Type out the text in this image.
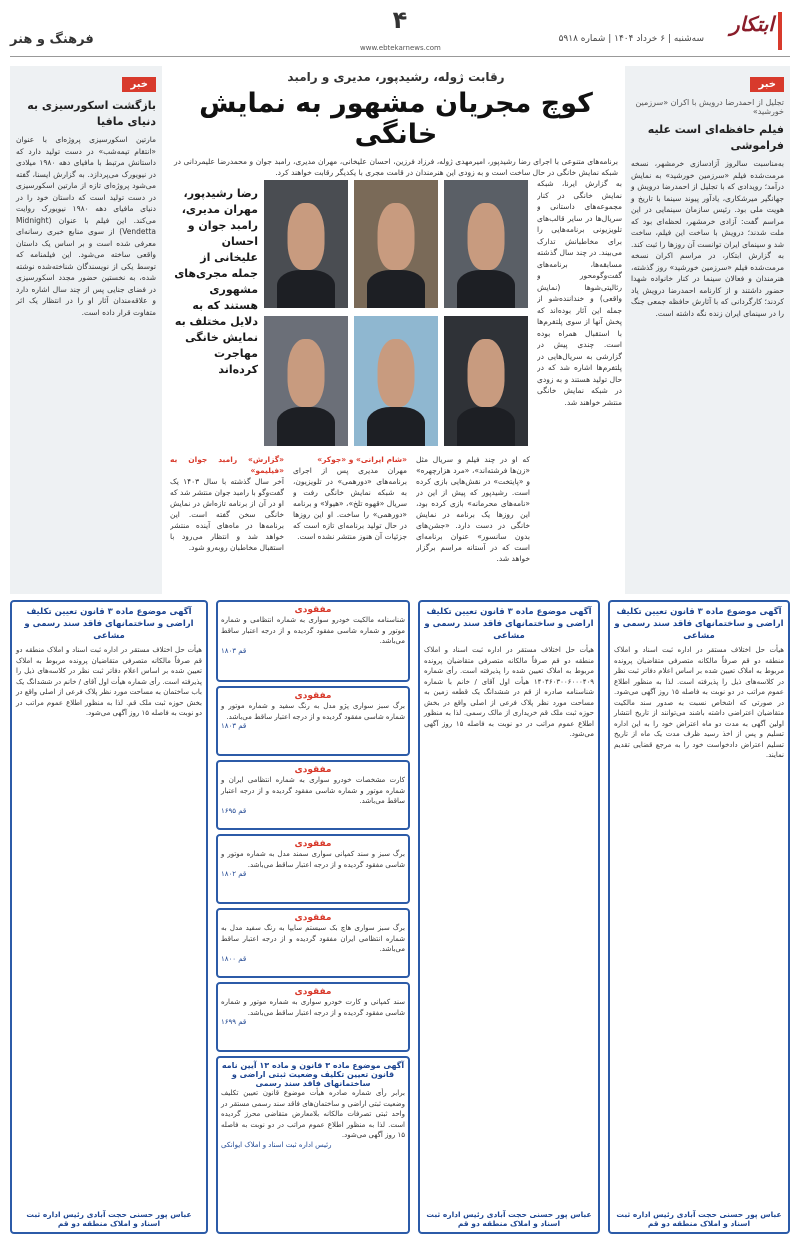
ابتکار
سه‌شنبه | ۶ خرداد ۱۴۰۴ | شماره ۵۹۱۸
۴
www.ebtekarnews.com
فرهنگ و هنر
خبر
تجلیل از احمدرضا درویش با اکران «سرزمین خورشید»
فیلم حافظه‌ای است علیه فراموشی
به‌مناسبت سالروز آزادسازی خرمشهر، نسخه مرمت‌شده فیلم «سرزمین خورشید» به نمایش درآمد؛ رویدادی که با تجلیل از احمدرضا درویش و جهانگیر میرشکاری، یادآور پیوند سینما با تاریخ و هویت ملی بود. رئیس سازمان سینمایی در این مراسم گفت: آزادی خرمشهر، لحظه‌ای بود که ملت شدند؛ درویش با ساخت این فیلم، ساخت شد و سینمای ایران توانست آن روزها را ثبت کند. به گزارش ابتکار، در مراسم اکران نسخه مرمت‌شده فیلم «سرزمین خورشید» روز گذشته، هنرمندان و فعالان سینما در کنار خانواده شهدا حضور داشتند و از کارنامه احمدرضا درویش یاد کردند؛ کارگردانی که با آثارش حافظه جمعی جنگ را در سینمای ایران زنده نگه داشته است.
رقابت ژوله، رشیدپور، مدیری و رامبد
کوچ مجریان مشهور به نمایش خانگی
برنامه‌های متنوعی با اجرای رضا رشیدپور، امیرمهدی ژوله، فرزاد فرزین، احسان علیخانی، مهران مدیری، رامبد جوان و محمدرضا علیمردانی در شبکه نمایش خانگی در حال ساخت است و به زودی این هنرمندان در قامت مجری با یکدیگر رقابت خواهند کرد.
به گزارش ایرنا، شبکه نمایش خانگی در کنار مجموعه‌های داستانی و سریال‌ها در سایر قالب‌های تلویزیونی برنامه‌هایی را برای مخاطبانش تدارک می‌بیند. در چند سال گذشته مسابقه‌ها، برنامه‌های گفت‌وگومحور و رئالیتی‌شوها (نمایش واقعی) و خنداننده‌شو از جمله این آثار بوده‌اند که پخش آنها از سوی پلتفرم‌ها با استقبال همراه بوده است. چندی پیش در گزارشی به سریال‌هایی در پلتفرم‌ها اشاره شد که در حال تولید هستند و به زودی در شبکه نمایش خانگی منتشر خواهند شد.
رضا رشیدپور، مهران مدیری، رامبد جوان و احسان علیخانی از جمله مجری‌های مشهوری هستند که به دلایل مختلف به نمایش خانگی مهاجرت کرده‌اند
که او در چند فیلم و سریال مثل «زن‌ها فرشته‌اند»، «مرد هزارچهره» و «پایتخت» در نقش‌هایی بازی کرده است. رشیدپور که پیش از این در «نامه‌های محرمانه» بازی کرده بود، این روزها یک برنامه در نمایش خانگی در دست دارد. «جشن‌های بدون سانسور» عنوان برنامه‌ای است که در آستانه مراسم برگزار خواهد شد.
«شام ایرانی» و «جوکر»
مهران مدیری پس از اجرای برنامه‌های «دورهمی» در تلویزیون، به شبکه نمایش خانگی رفت و سریال «قهوه تلخ»، «هیولا» و برنامه «دورهمی» را ساخت. او این روزها در حال تولید برنامه‌ای تازه است که جزئیات آن هنوز منتشر نشده است.
«گزارش» رامبد جوان به «فیلیمو»
آخر سال گذشته با سال ۱۴۰۳ یک گفت‌وگو با رامبد جوان منتشر شد که او در آن از برنامه تازه‌اش در نمایش خانگی سخن گفته است. این برنامه‌ها در ماه‌های آینده منتشر خواهد شد و انتظار می‌رود با استقبال مخاطبان روبه‌رو شود.
خبر
بازگشت اسکورسیزی به دنیای مافیا
مارتین اسکورسیزی پروژه‌ای با عنوان «انتقام تیمه‌شب» در دست تولید دارد که داستانش مرتبط با مافیای دهه ۱۹۸۰ میلادی در نیویورک می‌پردازد. به گزارش ایسنا، گفته می‌شود پروژه‌ای تازه از مارتین اسکورسیزی در دست تولید است که داستان خود را در دنیای مافیای دهه ۱۹۸۰ نیویورک روایت می‌کند. این فیلم با عنوان (Midnight Vendetta) از سوی منابع خبری رسانه‌ای معرفی شده است و بر اساس یک داستان واقعی ساخته می‌شود. این فیلمنامه که توسط یکی از نویسندگان شناخته‌شده نوشته شده، به نخستین حضور مجدد اسکورسیزی در فضای جنایی پس از چند سال اشاره دارد و علاقه‌مندان آثار او را در انتظار یک اثر متفاوت قرار داده است.
آگهی موضوع ماده ۳ قانون تعیین تکلیف اراضی و ساختمانهای فاقد سند رسمی و مشاعی
هیأت حل اختلاف مستقر در اداره ثبت اسناد و املاک منطقه دو قم صرفاً مالکانه متصرفی متقاضیان پرونده مربوط به املاک تعیین شده بر اساس اعلام دفاتر ثبت نظر در کلاسه‌های ذیل را پذیرفته است. لذا به منظور اطلاع عموم مراتب در دو نوبت به فاصله ۱۵ روز آگهی می‌شود. در صورتی که اشخاص نسبت به صدور سند مالکیت متقاضیان اعتراضی داشته باشند می‌توانند از تاریخ انتشار اولین آگهی به مدت دو ماه اعتراض خود را به این اداره تسلیم و پس از اخذ رسید ظرف مدت یک ماه از تاریخ تسلیم اعتراض دادخواست خود را به مرجع قضایی تقدیم نمایند.
عباس پور حسنی حجت آبادی رئیس اداره ثبت اسناد و املاک منطقه دو قم
آگهی موضوع ماده ۳ قانون تعیین تکلیف اراضی و ساختمانهای فاقد سند رسمی و مشاعی
هیأت حل اختلاف مستقر در اداره ثبت اسناد و املاک منطقه دو قم صرفاً مالکانه متصرفی متقاضیان پرونده مربوط به املاک تعیین شده را پذیرفته است. رأی شماره ۱۴۰۴۶۰۳۰۰۶۰۰۰۴۰۹ هیأت اول آقای / خانم با شماره شناسنامه صادره از قم در ششدانگ یک قطعه زمین به مساحت مورد نظر پلاک فرعی از اصلی واقع در بخش حوزه ثبت ملک قم خریداری از مالک رسمی. لذا به منظور اطلاع عموم مراتب در دو نوبت به فاصله ۱۵ روز آگهی می‌شود.
عباس پور حسنی حجت آبادی رئیس اداره ثبت اسناد و املاک منطقه دو قم
مفقودی
شناسنامه مالکیت خودرو سواری به شماره انتظامی و شماره موتور و شماره شاسی مفقود گردیده و از درجه اعتبار ساقط می‌باشد.
قم ۱۸۰۳
مفقودی
برگ سبز سواری پژو مدل به رنگ سفید و شماره موتور و شماره شاسی مفقود گردیده و از درجه اعتبار ساقط می‌باشد.
قم ۱۸۰۳
مفقودی
کارت مشخصات خودرو سواری به شماره انتظامی ایران و شماره موتور و شماره شاسی مفقود گردیده و از درجه اعتبار ساقط می‌باشد.
قم ۱۶۹۵
مفقودی
برگ سبز و سند کمپانی سواری سمند مدل به شماره موتور و شاسی مفقود گردیده و از درجه اعتبار ساقط می‌باشد.
قم ۱۸۰۲
مفقودی
برگ سبز سواری هاچ بک سیستم سایپا به رنگ سفید مدل به شماره انتظامی ایران مفقود گردیده و از درجه اعتبار ساقط می‌باشد.
قم ۱۸۰۰
مفقودی
سند کمپانی و کارت خودرو سواری به شماره موتور و شماره شاسی مفقود گردیده و از درجه اعتبار ساقط می‌باشد.
قم ۱۶۹۹
آگهی موضوع ماده ۳ قانون و ماده ۱۳ آیین نامه قانون تعیین تکلیف وضعیت ثبتی اراضی و ساختمانهای فاقد سند رسمی
برابر رأی شماره صادره هیأت موضوع قانون تعیین تکلیف وضعیت ثبتی اراضی و ساختمان‌های فاقد سند رسمی مستقر در واحد ثبتی تصرفات مالکانه بلامعارض متقاضی محرز گردیده است. لذا به منظور اطلاع عموم مراتب در دو نوبت به فاصله ۱۵ روز آگهی می‌شود.
رئیس اداره ثبت اسناد و املاک ایوانکی
آگهی موضوع ماده ۳ قانون تعیین تکلیف اراضی و ساختمانهای فاقد سند رسمی و مشاعی
هیأت حل اختلاف مستقر در اداره ثبت اسناد و املاک منطقه دو قم صرفاً مالکانه متصرفی متقاضیان پرونده مربوط به املاک تعیین شده بر اساس اعلام دفاتر ثبت نظر در کلاسه‌های ذیل را پذیرفته است. رأی شماره هیأت اول آقای / خانم در ششدانگ یک باب ساختمان به مساحت مورد نظر پلاک فرعی از اصلی واقع در بخش حوزه ثبت ملک قم. لذا به منظور اطلاع عموم مراتب در دو نوبت به فاصله ۱۵ روز آگهی می‌شود.
عباس پور حسنی حجت آبادی رئیس اداره ثبت اسناد و املاک منطقه دو قم
